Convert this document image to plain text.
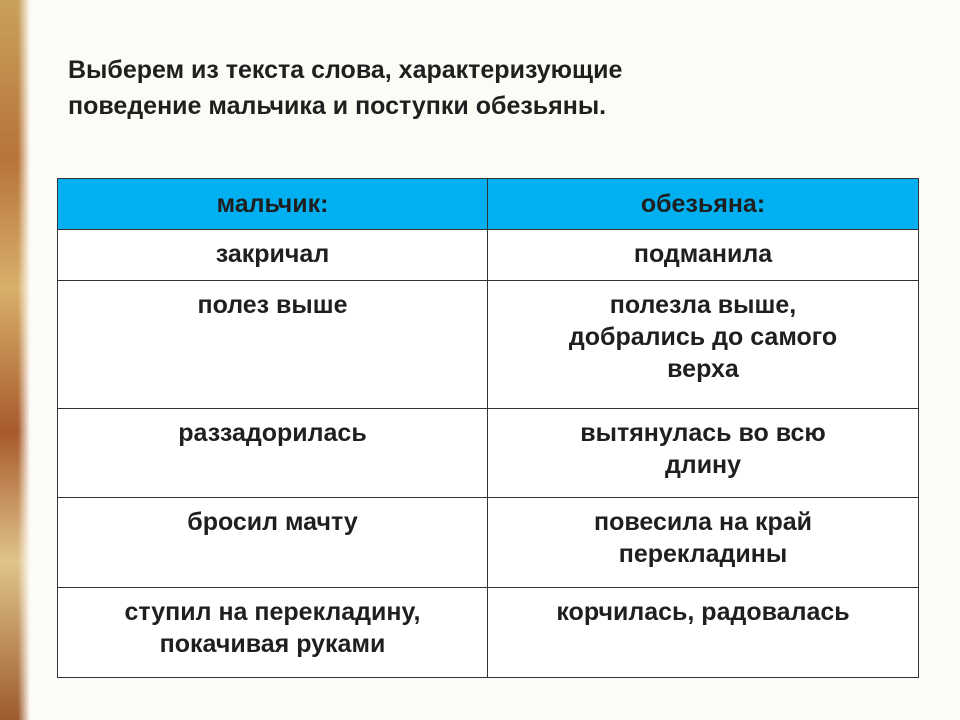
Выберем из текста слова, характеризующие
поведение мальчика и поступки обезьяны.
мальчик:	обезьяна:

закричал	подманила

полез выше	полезла выше,
добрались до самого
верха

раззадорилась	вытянулась во всю
длину

бросил мачту	повесила на край
перекладины

ступил на перекладину,
покачивая руками	корчилась, радовалась
